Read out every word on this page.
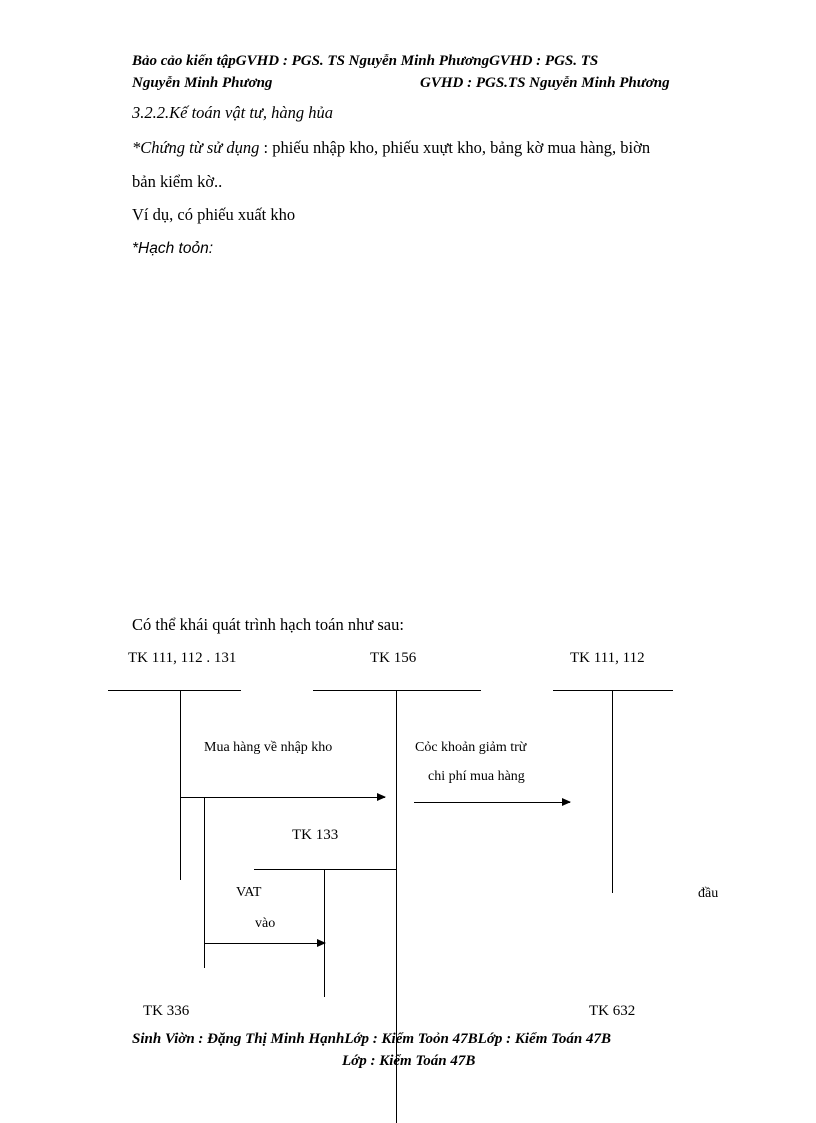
Bảo cảo kiến tậpGVHD : PGS. TS Nguyễn Minh PhươngGVHD : PGS. TS
Nguyễn Minh Phương	GVHD : PGS.TS Nguyễn Minh Phương
3.2.2.Kế toán vật tư, hàng hủa
*Chứng từ sử dụng : phiếu nhập kho, phiếu xuựt kho, bảng kờ mua hàng, biờn
bản kiểm kờ..
Ví dụ, có phiếu xuất kho
*Hạch toỏn:
Có thể khái quát trình hạch toán như sau:
TK 111, 112 . 131	TK 156	TK 111, 112
Mua hàng về nhập kho	Cỏc khoản giảm trừ
chi phí mua hàng
TK 133
VAT
vào
đầu
TK 336	TK 632
Sinh Viờn : Đặng Thị Minh HạnhLớp : Kiểm Toỏn 47BLớp : Kiểm Toán 47B
Lớp : Kiểm Toán 47B
